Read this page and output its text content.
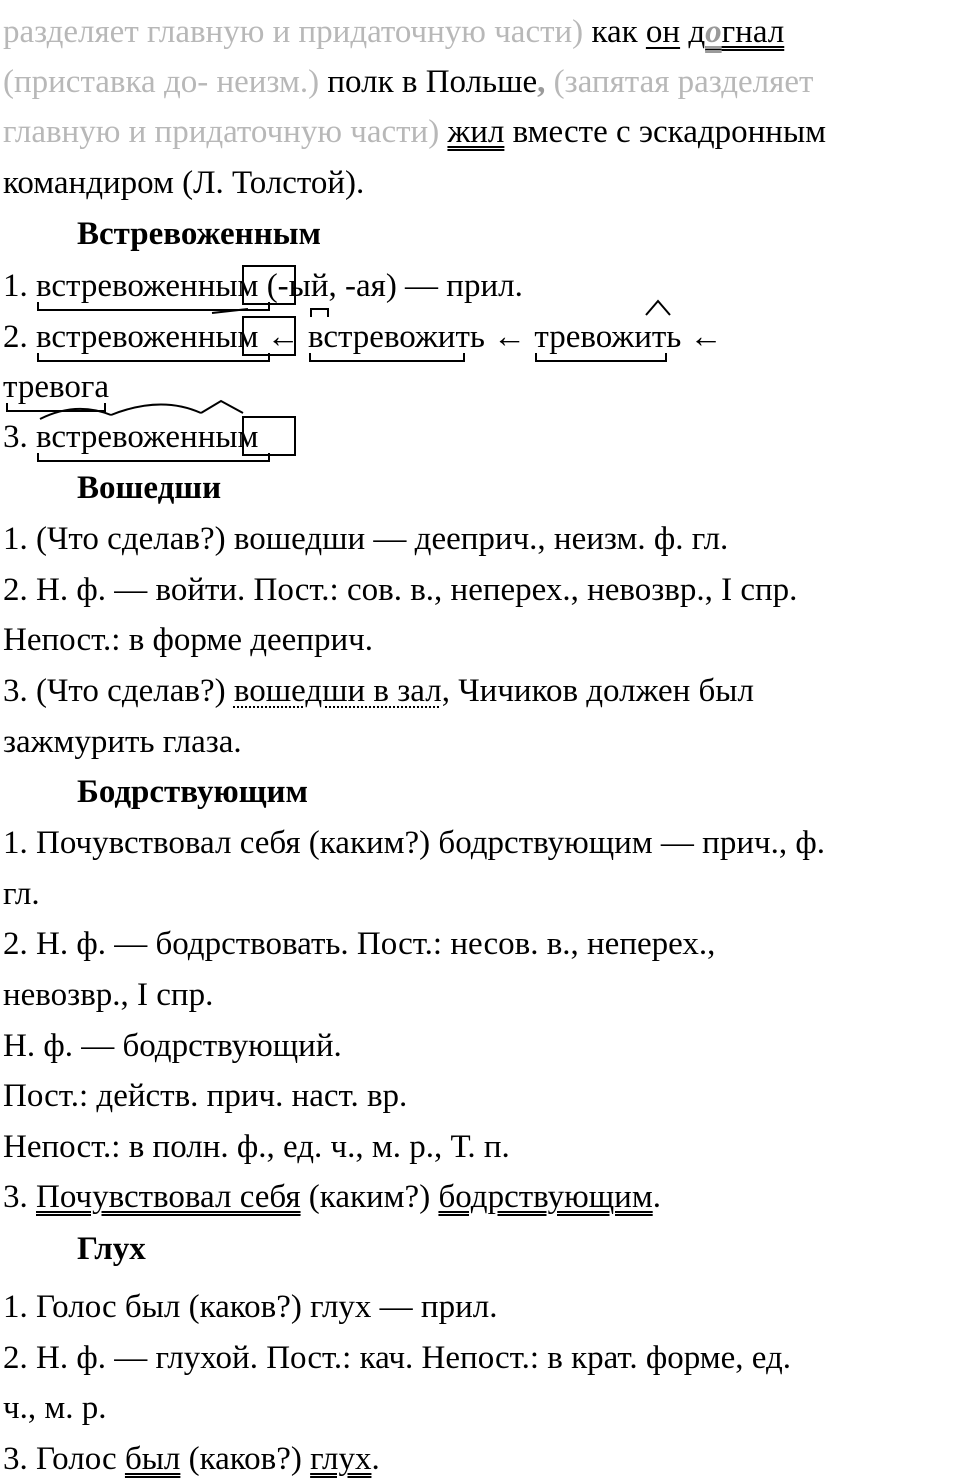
разделяет главную и придаточную части) как он догнал
(приставка до- неизм.) полк в Польше, (запятая разделяет
главную и придаточную части) жил вместе с эскадронным
командиром (Л. Толстой).
Встревоженным
1. встревоженным (-ый, -ая) — прил.
2. встревоженным ← встревожить ← тревожить ←
тревога
3. встревоженным
Вошедши
1. (Что сделав?) вошедши — дееприч., неизм. ф. гл.
2. Н. ф. — войти. Пост.: сов. в., неперех., невозвр., I спр.
Непост.: в форме дееприч.
3. (Что сделав?) вошедши в зал, Чичиков должен был
зажмурить глаза.
Бодрствующим
1. Почувствовал себя (каким?) бодрствующим — прич., ф.
гл.
2. Н. ф. — бодрствовать. Пост.: несов. в., неперех.,
невозвр., I спр.
Н. ф. — бодрствующий.
Пост.: действ. прич. наст. вр.
Непост.: в полн. ф., ед. ч., м. р., Т. п.
3. Почувствовал себя (каким?) бодрствующим.
Глух
1. Голос был (каков?) глух — прил.
2. Н. ф. — глухой. Пост.: кач. Непост.: в крат. форме, ед.
ч., м. р.
3. Голос был (каков?) глух.
